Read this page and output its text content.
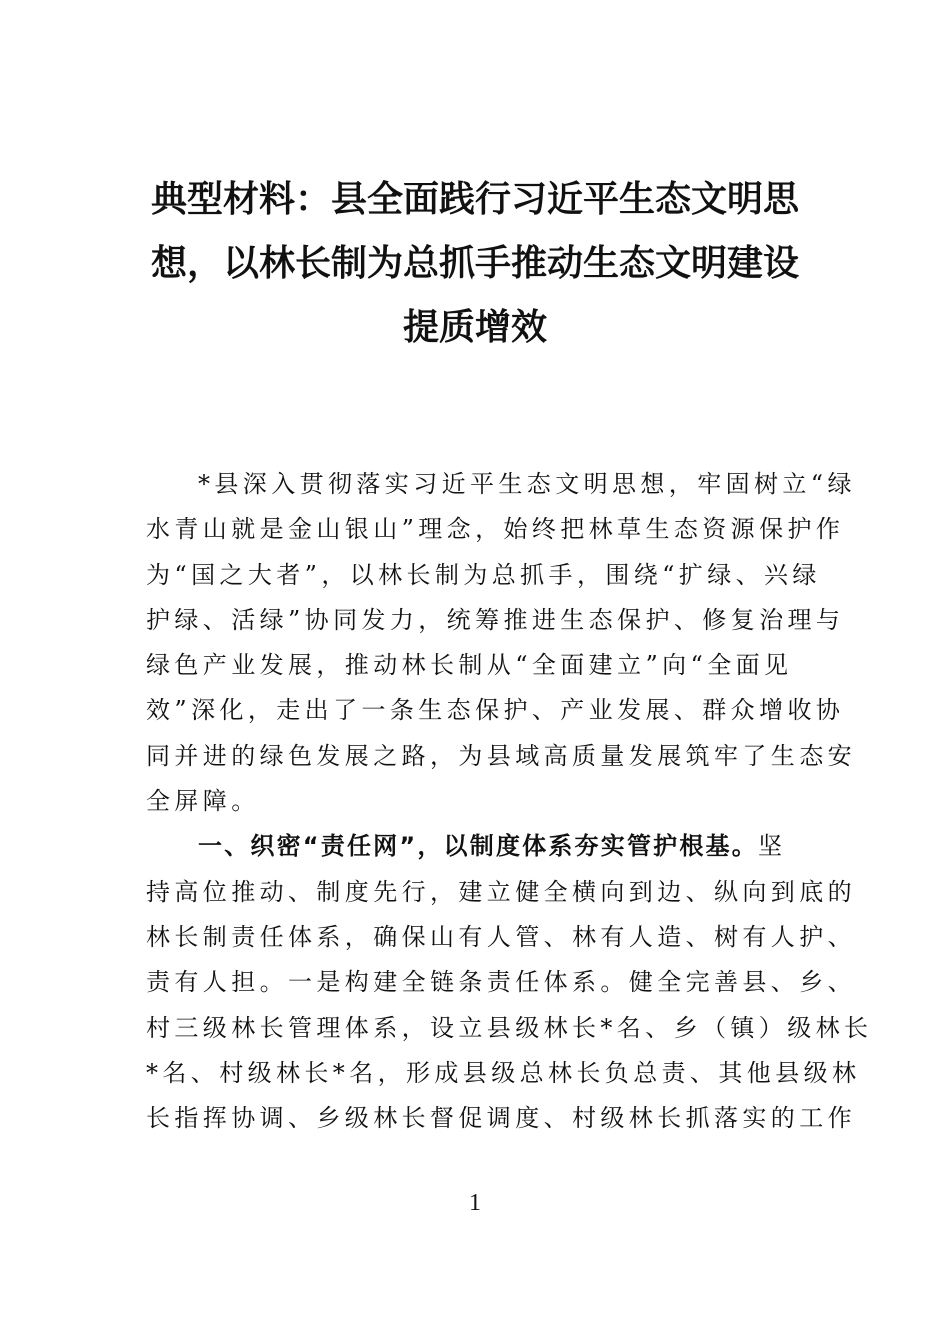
典型材料：县全面践行习近平生态文明思
想，以林长制为总抓手推动生态文明建设
提质增效
*县深入贯彻落实习近平生态文明思想，牢固树立“绿
水青山就是金山银山”理念，始终把林草生态资源保护作
为“国之大者”，以林长制为总抓手，围绕“扩绿、兴绿
护绿、活绿”协同发力，统筹推进生态保护、修复治理与
绿色产业发展，推动林长制从“全面建立”向“全面见
效”深化，走出了一条生态保护、产业发展、群众增收协
同并进的绿色发展之路，为县域高质量发展筑牢了生态安
全屏障。
一、织密“责任网”，以制度体系夯实管护根基。坚
持高位推动、制度先行，建立健全横向到边、纵向到底的
林长制责任体系，确保山有人管、林有人造、树有人护、
责有人担。一是构建全链条责任体系。健全完善县、乡、
村三级林长管理体系，设立县级林长*名、乡（镇）级林长
*名、村级林长*名，形成县级总林长负总责、其他县级林
长指挥协调、乡级林长督促调度、村级林长抓落实的工作
1
